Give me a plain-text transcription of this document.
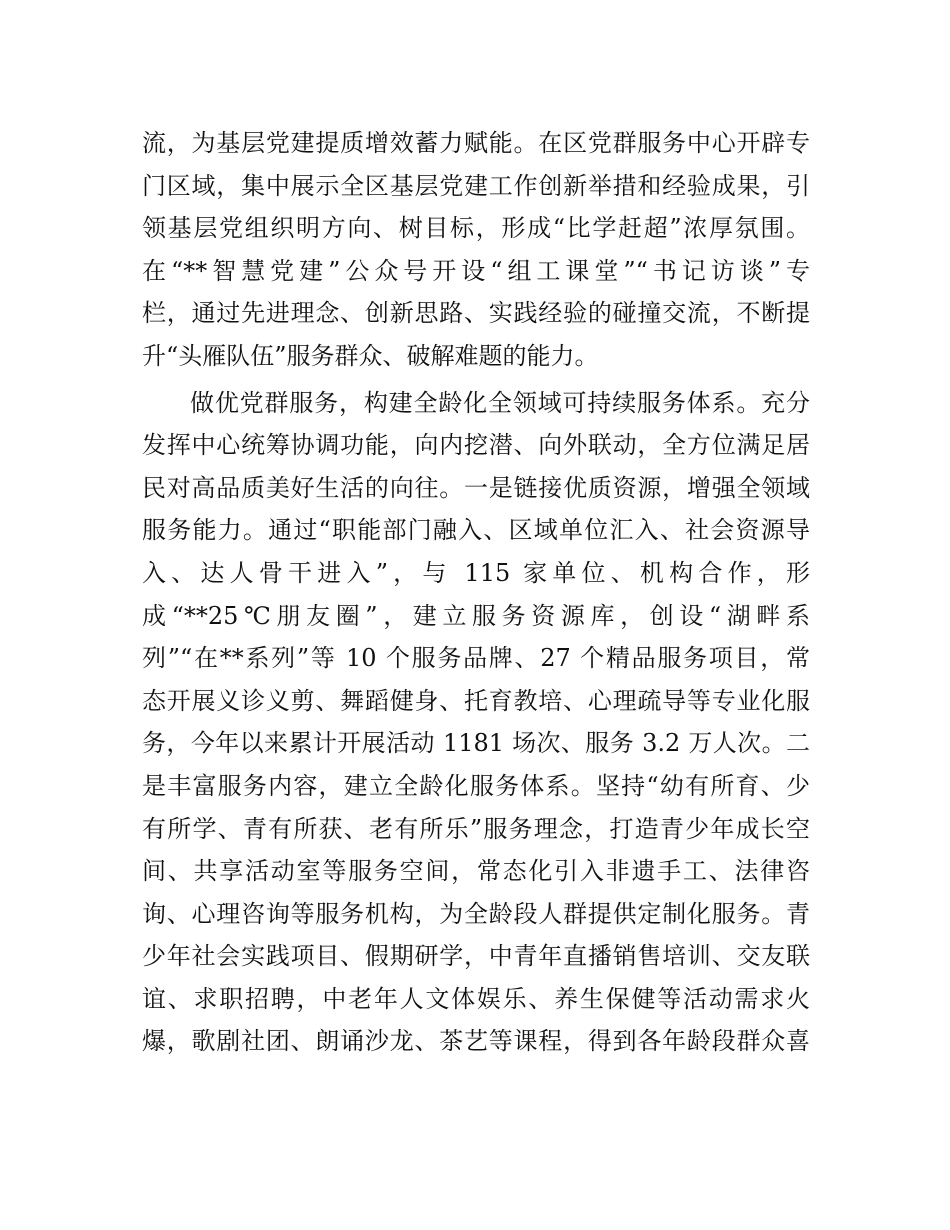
流，为基层党建提质增效蓄力赋能。在区党群服务中心开辟专
门区域，集中展示全区基层党建工作创新举措和经验成果，引
领基层党组织明方向、树目标，形成“比学赶超”浓厚氛围。
在“**智慧党建”公众号开设“组工课堂”“书记访谈”专
栏，通过先进理念、创新思路、实践经验的碰撞交流，不断提
升“头雁队伍”服务群众、破解难题的能力。
做优党群服务，构建全龄化全领域可持续服务体系。充分
发挥中心统筹协调功能，向内挖潜、向外联动，全方位满足居
民对高品质美好生活的向往。一是链接优质资源，增强全领域
服务能力。通过“职能部门融入、区域单位汇入、社会资源导
入、达人骨干进入”，与 115 家单位、机构合作，形
成“**25℃朋友圈”，建立服务资源库，创设“湖畔系
列”“在**系列”等 10 个服务品牌、27 个精品服务项目，常
态开展义诊义剪、舞蹈健身、托育教培、心理疏导等专业化服
务，今年以来累计开展活动 1181 场次、服务 3.2 万人次。二
是丰富服务内容，建立全龄化服务体系。坚持“幼有所育、少
有所学、青有所获、老有所乐”服务理念，打造青少年成长空
间、共享活动室等服务空间，常态化引入非遗手工、法律咨
询、心理咨询等服务机构，为全龄段人群提供定制化服务。青
少年社会实践项目、假期研学，中青年直播销售培训、交友联
谊、求职招聘，中老年人文体娱乐、养生保健等活动需求火
爆，歌剧社团、朗诵沙龙、茶艺等课程，得到各年龄段群众喜
